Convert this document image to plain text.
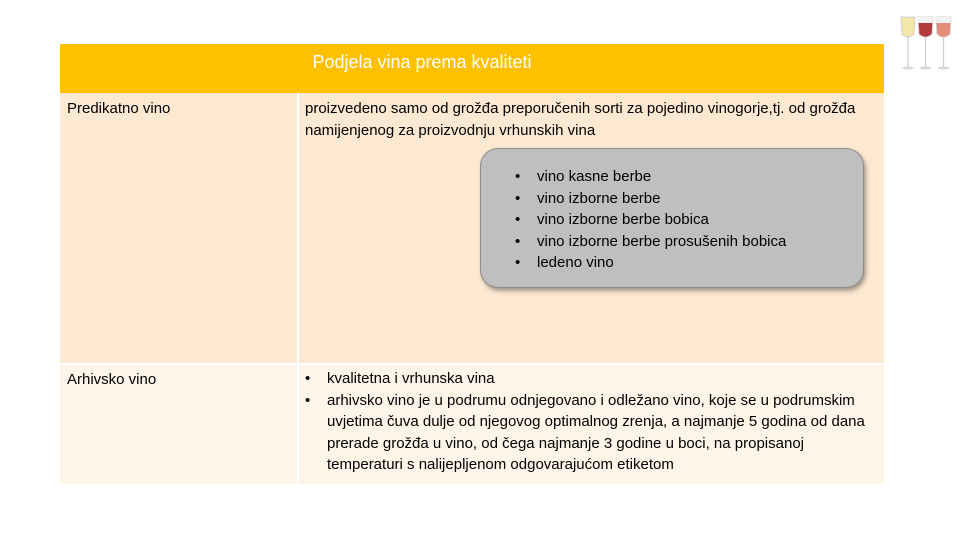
Podjela vina prema kvaliteti
Predikatno vino	proizvedeno samo od grožđa preporučenih sorti za pojedino vinogorje,tj. od grožđa namijenjenog za proizvodnju vrhunskih vina
• vino kasne berbe
• vino izborne berbe
• vino izborne berbe bobica
• vino izborne berbe prosušenih bobica
• ledeno vino
Arhivsko vino
•	kvalitetna i vrhunska vina
• arhivsko vino je u podrumu odnjegovano i odležano vino, koje se u podrumskim uvjetima čuva dulje od njegovog optimalnog zrenja, a najmanje 5 godina od dana prerade grožđa u vino, od čega najmanje 3 godine u boci, na propisanoj temperaturi s nalijepljenom odgovarajućom etiketom
